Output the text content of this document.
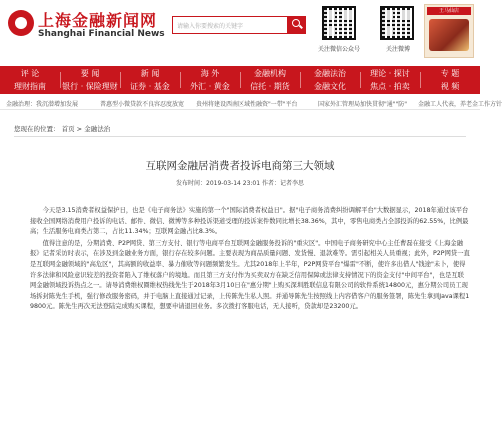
上海金融新闻网
Shanghai Financial News
请输入你要搜索的关键字
关注微信公众号	关注微博
王马仙店
评 论
理财指南
要 闻
银行 · 保险理财
新 闻
证券 · 基金
海 外
外汇 · 黄金
金融机构
信托 · 期货
金融法治
金融文化
理论 · 探讨
焦点 · 拍卖
专 题
视 频
金融治理：我沉潜增加发展	普惠型小微贷款不良容忍度放宽 贵州将建设西南区域性融资"一带"平台	国家外汇管理局加快贯彻"通""防" 金融工人代表，养老金工作方针
您现在的位置： 首页 > 金融法治
互联网金融居消费者投诉电商第三大领域
发布时间：2019-03-14 23:01 作者：记者李思

今天是3.15消费者权益保护日，也是《电子商务法》实施的第一个"国际消费者权益日"。据"电子商务消费纠纷调解平台"大数据显示，2018年通过该平台接收全国网络消费用户投诉的电话、邮件、微信、微博等多种投诉渠道受理的投诉案件数同比增长38.36%，其中，零售电商类占全部投诉的62.55%，比例最高；生活服务电商类占第二，占比11.34%；互联网金融占比8.3%。

值得注意的是，分期消费、P2P网贷、第三方支付、银行等电商平台互联网金融服务投诉的"重灾区"。中国电子商务研究中心主任曹磊在接受《上海金融报》记者采访时表示，在涉及到金融业务方面，银行存在较多问题。主要表现为商品质量问题、发货慢、退款难等。需引起相关人员重视；此外，P2P网贷一直是互联网金融领域的"高危区"，其高额的收益率、暴力催收等问题频繁发生。尤其2018年上半年，P2P网贷平台"爆雷"不断，使许多出借人"钱途"未卜，使得许多法律和风险意识较差的投资者陷入了维权落户的境地。而且第三方支付作为买卖双方在缺乏信用保障或法律支持情况下的资金支付"中间平台"，也是互联网金融领域投诉热点之一。请导消费维权圈维权热线先生于2018年3月10日在"惠分期"上购买深圳胜联信息有限公司的软件系统14800元，惠分期公司员工现场拆封陈先生手机，强行修改服务密码，并于电脑上直接通过记录，上传陈先生私人照。并通导陈先生按照线上内容借客户的服务签署，陈先生拿到Java课程19800元。陈先生再次无法登陆完成购买课程，想要申请退回业务。多次拨打客服电话，无人接听，贷款却是23200元。
